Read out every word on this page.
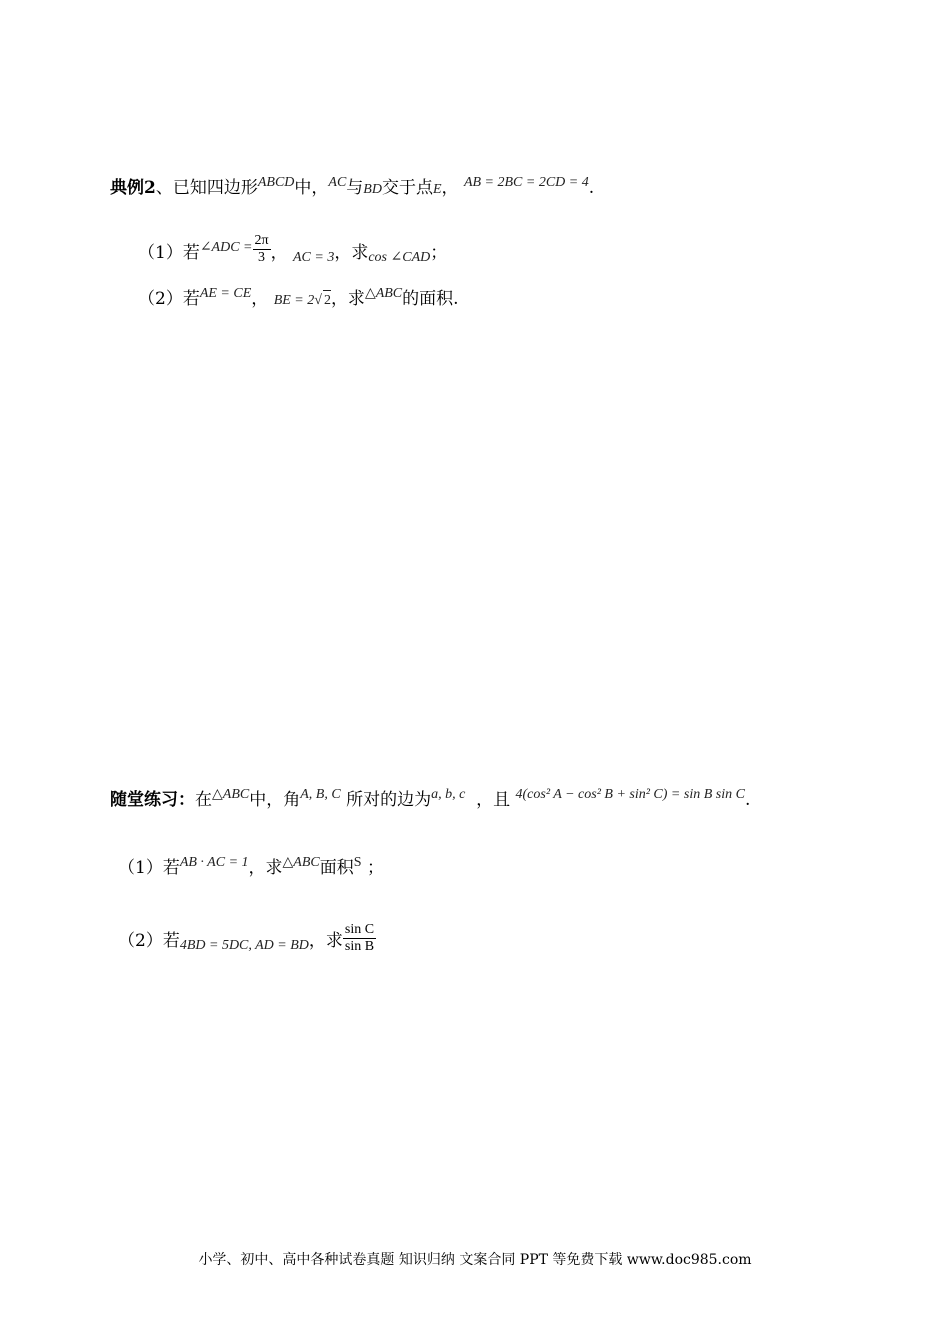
典例2、已知四边形$^{ABCD}$中，$^{AC}$与BD交于点E， $^{AB = 2BC = 2CD = 4}$.
（1）若$^{\angle ADC =} \frac{2\pi}{3}$ ， AC = 3，求cos ∠CAD；
（2）若$^{AE = CE}$， BE = 2√ 2，求$^{\triangle ABC}$的面积.
随堂练习：在$^{\triangle ABC}$中，角$^{A, B, C}$ 所对的边为$^{a, b, c}$ ，且 $^{4(cos^2 A - cos^2 B + sin^2 C) = sin B sin C}$.
（1）若$^{AB \cdot AC = 1}$，求$^{\triangle ABC}$面积$^S$ ；
（2）若4BD = 5DC, AD = BD，求 $\frac{\text{sin C}}{\text{sin B}}$
小学、初中、高中各种试卷真题 知识归纳 文案合同 PPT 等免费下载 www.doc985.com
